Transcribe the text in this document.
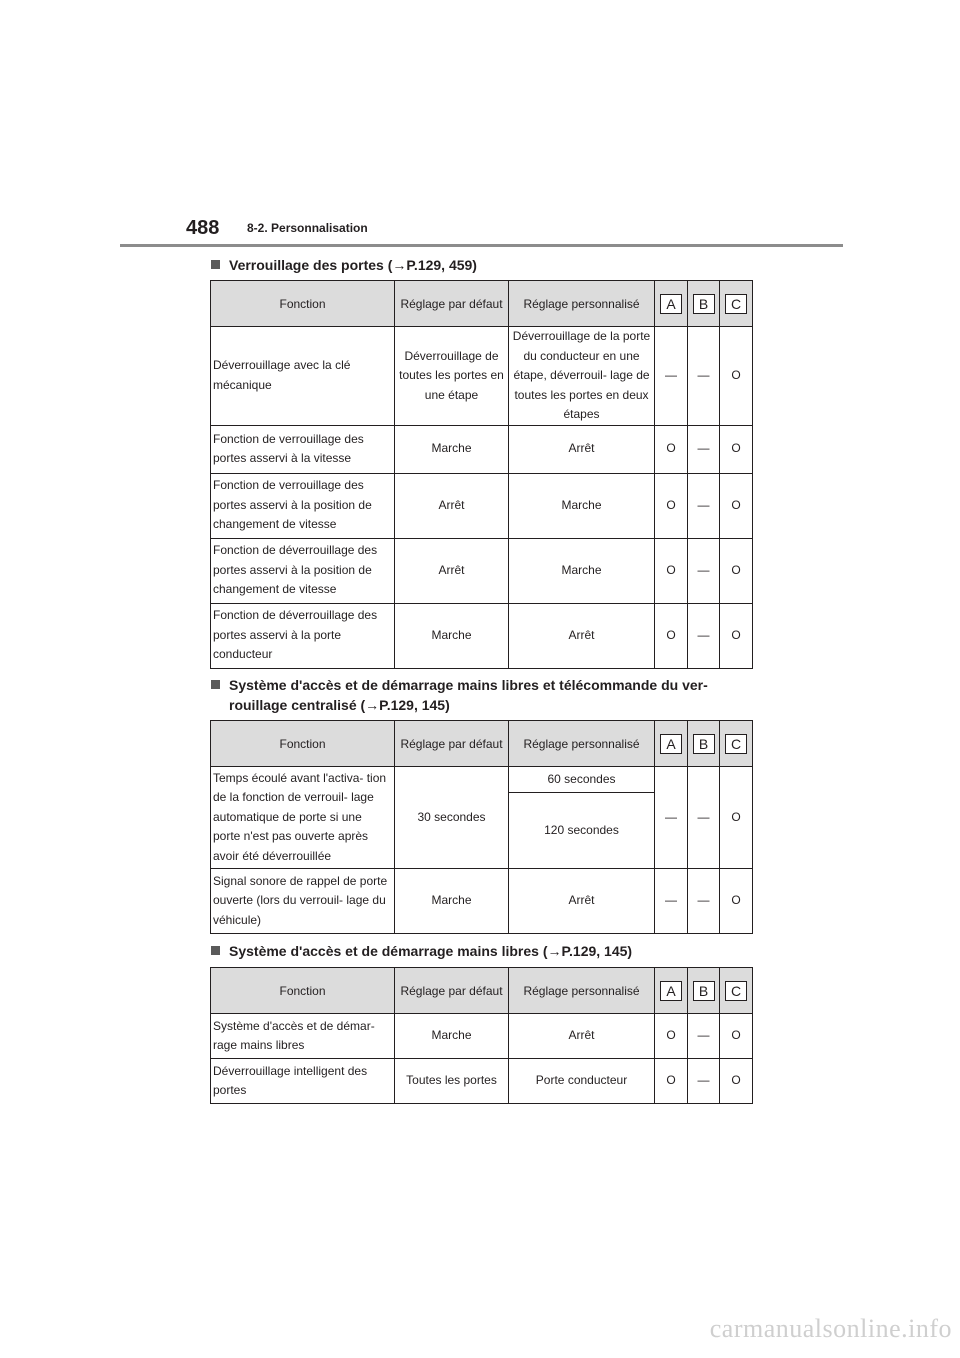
488 8-2. Personnalisation
Verrouillage des portes (→P.129, 459)
Fonction	Réglage par défaut	Réglage personnalisé	A	B	C
Déverrouillage avec la clé mécanique	Déverrouillage de toutes les portes en une étape	Déverrouillage de la porte du conducteur en une étape, déverrouil- lage de toutes les portes en deux étapes	—	—	O
Fonction de verrouillage des portes asservi à la vitesse	Marche	Arrêt	O	—	O
Fonction de verrouillage des portes asservi à la position de changement de vitesse	Arrêt	Marche	O	—	O
Fonction de déverrouillage des portes asservi à la position de changement de vitesse	Arrêt	Marche	O	—	O
Fonction de déverrouillage des portes asservi à la porte conducteur	Marche	Arrêt	O	—	O
Système d'accès et de démarrage mains libres et télécommande du ver- rouillage centralisé (→P.129, 145)
Fonction	Réglage par défaut	Réglage personnalisé	A	B	C
Temps écoulé avant l'activa- tion de la fonction de verrouil- lage automatique de porte si une porte n'est pas ouverte après avoir été déverrouillée	30 secondes	60 secondes	—	—	O
		120 secondes			
Signal sonore de rappel de porte ouverte (lors du verrouil- lage du véhicule)	Marche	Arrêt	—	—	O
Système d'accès et de démarrage mains libres (→P.129, 145)
Fonction	Réglage par défaut	Réglage personnalisé	A	B	C
Système d'accès et de démar- rage mains libres	Marche	Arrêt	O	—	O
Déverrouillage intelligent des portes	Toutes les portes	Porte conducteur	O	—	O
carmanualsonline.info
